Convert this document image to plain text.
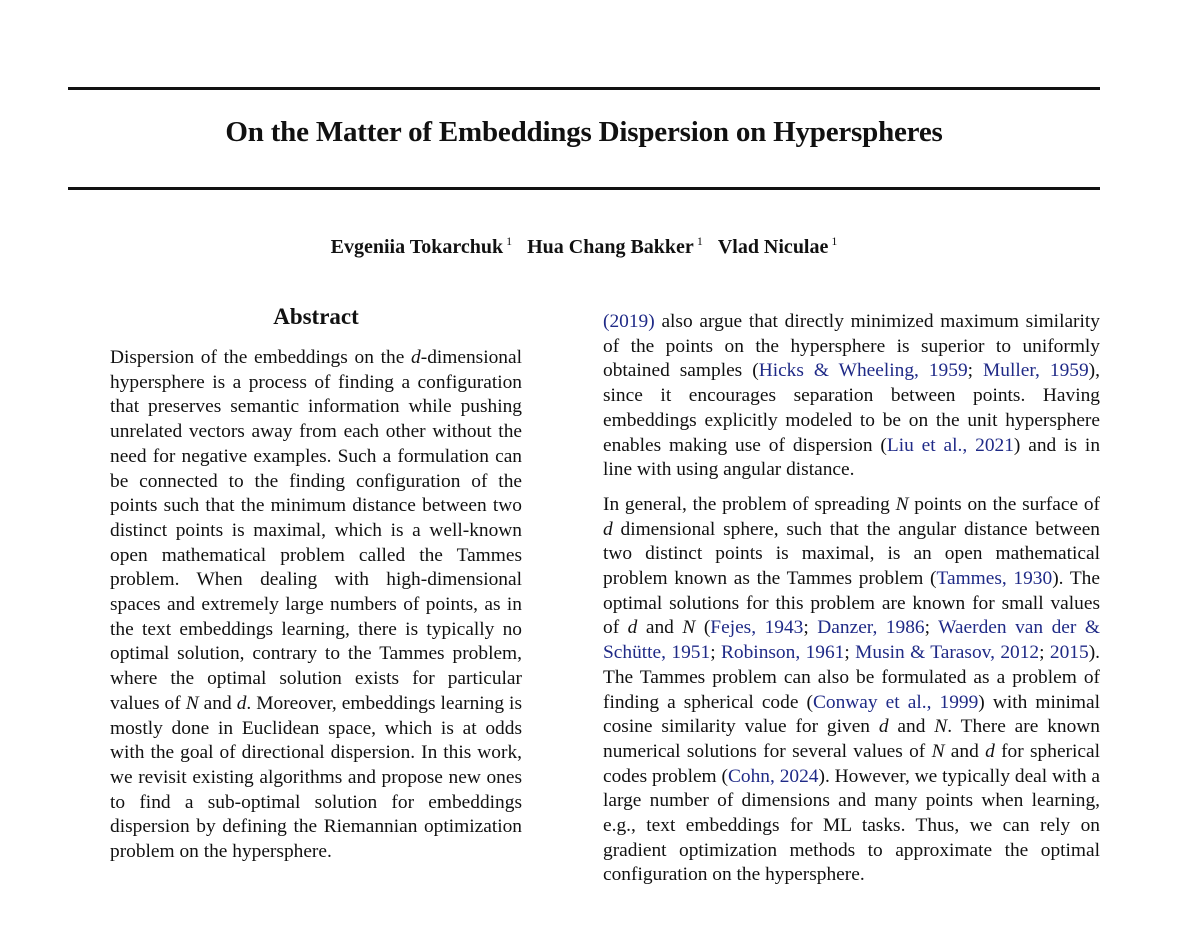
On the Matter of Embeddings Dispersion on Hyperspheres
Evgeniia Tokarchuk $^1$ Hua Chang Bakker $^1$ Vlad Niculae $^1$
Abstract
Dispersion of the embeddings on the d-dimensional hypersphere is a process of finding a configuration that preserves semantic information while pushing unrelated vectors away from each other without the need for negative examples. Such a formulation can be connected to the finding configuration of the points such that the minimum distance between two distinct points is maximal, which is a well-known open mathematical problem called the Tammes problem. When dealing with high-dimensional spaces and extremely large numbers of points, as in the text embeddings learning, there is typically no optimal solution, contrary to the Tammes problem, where the optimal solution exists for particular values of N and d. Moreover, embeddings learning is mostly done in Euclidean space, which is at odds with the goal of directional dispersion. In this work, we revisit existing algorithms and propose new ones to find a sub-optimal solution for embeddings dispersion by defining the Riemannian optimization problem on the hypersphere.

(2019) also argue that directly minimized maximum similarity of the points on the hypersphere is superior to uniformly obtained samples (Hicks & Wheeling, 1959; Muller, 1959), since it encourages separation between points. Having embeddings explicitly modeled to be on the unit hypersphere enables making use of dispersion (Liu et al., 2021) and is in line with using angular distance.

In general, the problem of spreading N points on the surface of d dimensional sphere, such that the angular distance between two distinct points is maximal, is an open mathematical problem known as the Tammes problem (Tammes, 1930). The optimal solutions for this problem are known for small values of d and N (Fejes, 1943; Danzer, 1986; Waerden van der & Schütte, 1951; Robinson, 1961; Musin & Tarasov, 2012; 2015). The Tammes problem can also be formulated as a problem of finding a spherical code (Conway et al., 1999) with minimal cosine similarity value for given d and N. There are known numerical solutions for several values of N and d for spherical codes problem (Cohn, 2024). However, we typically deal with a large number of dimensions and many points when learning, e.g., text embeddings for ML tasks. Thus, we can rely on gradient optimization methods to approximate the optimal configuration on the hypersphere.
